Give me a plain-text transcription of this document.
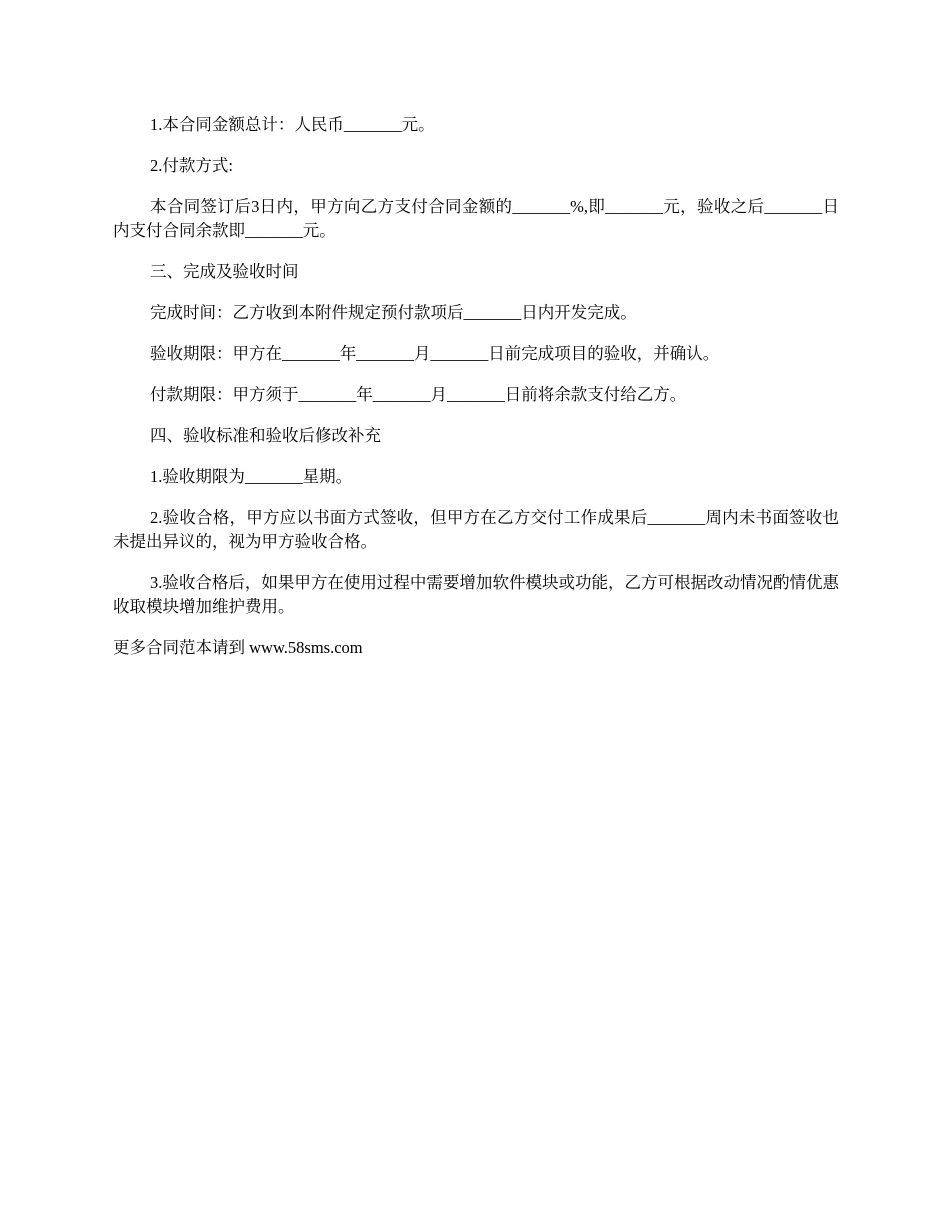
1.本合同金额总计：人民币_______元。

2.付款方式:

本合同签订后3日内，甲方向乙方支付合同金额的_______%,即_______元，验收之后_______日内支付合同余款即_______元。

三、完成及验收时间

完成时间：乙方收到本附件规定预付款项后_______日内开发完成。

验收期限：甲方在_______年_______月_______日前完成项目的验收，并确认。

付款期限：甲方须于_______年_______月_______日前将余款支付给乙方。

四、验收标准和验收后修改补充

1.验收期限为_______星期。

2.验收合格，甲方应以书面方式签收，但甲方在乙方交付工作成果后_______周内未书面签收也未提出异议的，视为甲方验收合格。

3.验收合格后，如果甲方在使用过程中需要增加软件模块或功能，乙方可根据改动情况酌情优惠收取模块增加维护费用。

更多合同范本请到 www.58sms.com
